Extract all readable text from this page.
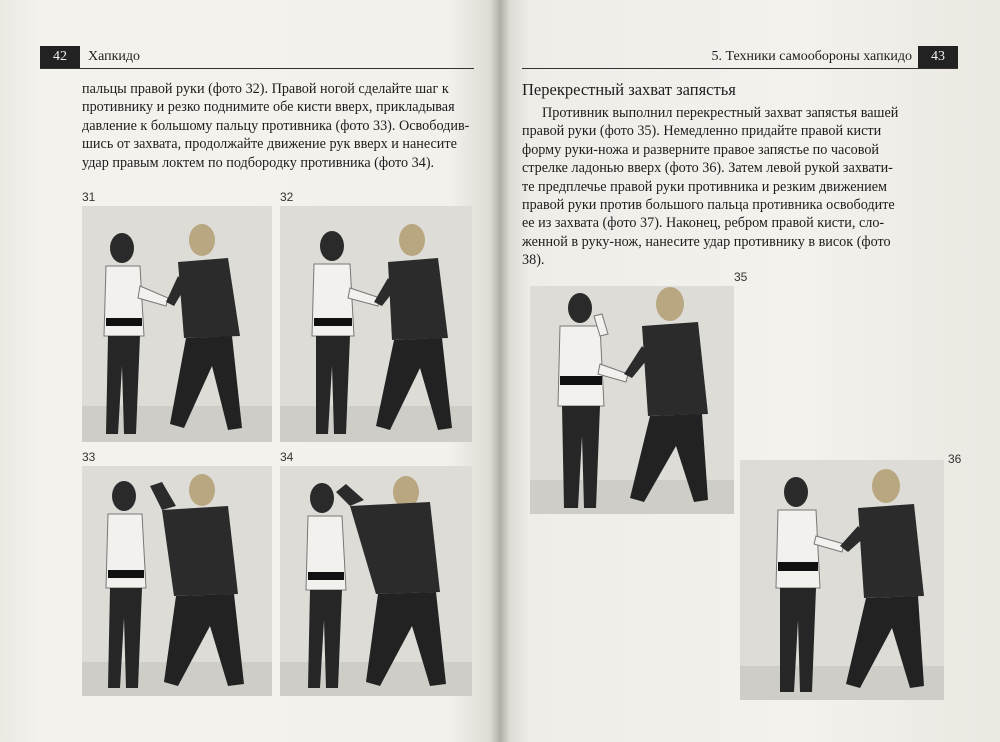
42	Хапкидо

пальцы правой руки (фото 32). Правой ногой сделайте шаг к

противнику и резко поднимите обе кисти вверх, прикладывая

давление к большому пальцу противника (фото 33). Освободив-

шись от захвата, продолжайте движение рук вверх и нанесите

удар правым локтем по подбородку противника (фото 34).

31	32
33	34
5. Техники самообороны хапкидо	43
Перекрестный захват запястья

Противник выполнил перекрестный захват запястья вашей

правой руки (фото 35). Немедленно придайте правой кисти

форму руки-ножа и разверните правое запястье по часовой

стрелке ладонью вверх (фото 36). Затем левой рукой захвати-

те предплечье правой руки противника и резким движением

правой руки против большого пальца противника освободите

ее из захвата (фото 37). Наконец, ребром правой кисти, сло-

женной в руку-нож, нанесите удар противнику в висок (фото

38).

35
36
